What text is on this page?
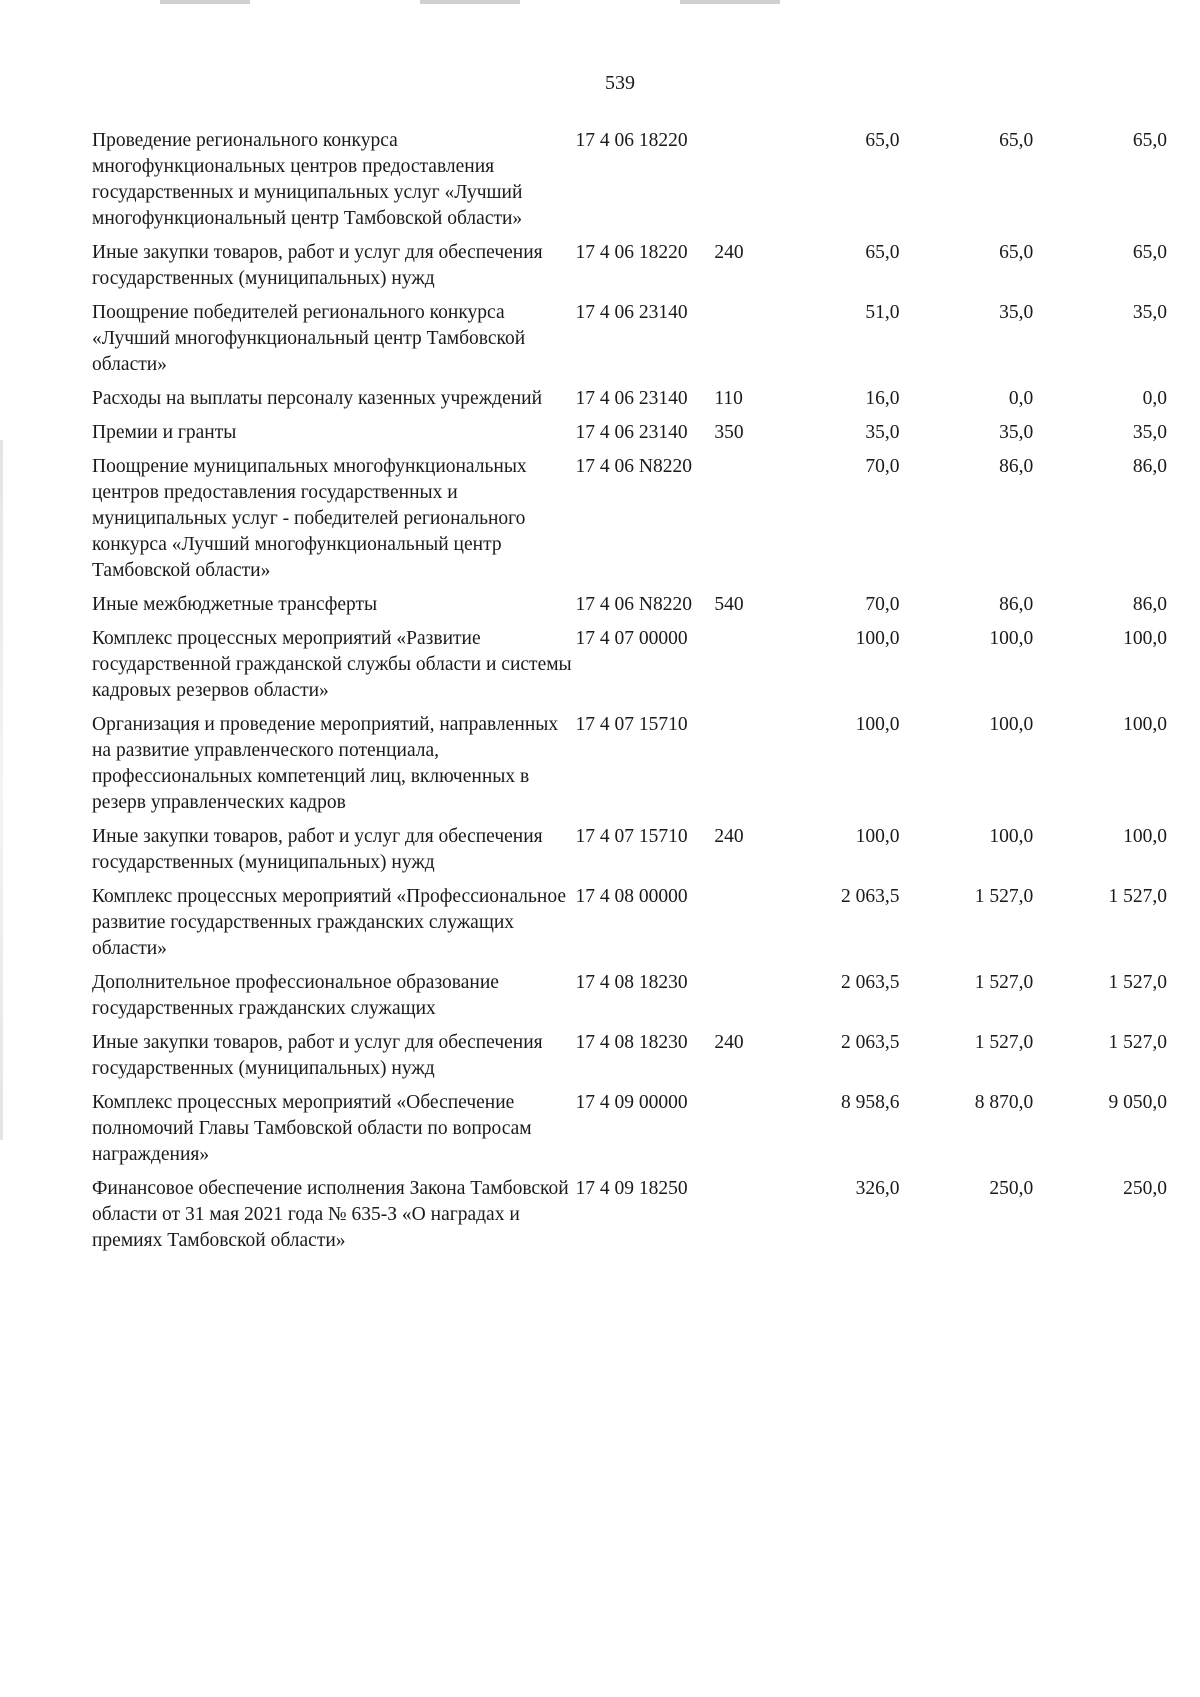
539
Проведение регионального конкурса многофункциональных центров предоставления государственных и муниципальных услуг «Лучший многофункциональный центр Тамбовской области»	17 4 06 18220		65,0	65,0	65,0
Иные закупки товаров, работ и услуг для обеспечения государственных (муниципальных) нужд	17 4 06 18220	240	65,0	65,0	65,0
Поощрение победителей регионального конкурса «Лучший многофункциональный центр Тамбовской области»	17 4 06 23140		51,0	35,0	35,0
Расходы на выплаты персоналу казенных учреждений	17 4 06 23140	110	16,0	0,0	0,0
Премии и гранты	17 4 06 23140	350	35,0	35,0	35,0
Поощрение муниципальных многофункциональных центров предоставления государственных и муниципальных услуг - победителей регионального конкурса «Лучший многофункциональный центр Тамбовской области»	17 4 06 N8220		70,0	86,0	86,0
Иные межбюджетные трансферты	17 4 06 N8220	540	70,0	86,0	86,0
Комплекс процессных мероприятий «Развитие государственной гражданской службы области и системы кадровых резервов области»	17 4 07 00000		100,0	100,0	100,0
Организация и проведение мероприятий, направленных на развитие управленческого потенциала, профессиональных компетенций лиц, включенных в резерв управленческих кадров	17 4 07 15710		100,0	100,0	100,0
Иные закупки товаров, работ и услуг для обеспечения государственных (муниципальных) нужд	17 4 07 15710	240	100,0	100,0	100,0
Комплекс процессных мероприятий «Профессиональное развитие государственных гражданских служащих области»	17 4 08 00000		2 063,5	1 527,0	1 527,0
Дополнительное профессиональное образование государственных гражданских служащих	17 4 08 18230		2 063,5	1 527,0	1 527,0
Иные закупки товаров, работ и услуг для обеспечения государственных (муниципальных) нужд	17 4 08 18230	240	2 063,5	1 527,0	1 527,0
Комплекс процессных мероприятий «Обеспечение полномочий Главы Тамбовской области по вопросам награждения»	17 4 09 00000		8 958,6	8 870,0	9 050,0
Финансовое обеспечение исполнения Закона Тамбовской области от 31 мая 2021 года № 635-З «О наградах и премиях Тамбовской области»	17 4 09 18250		326,0	250,0	250,0
